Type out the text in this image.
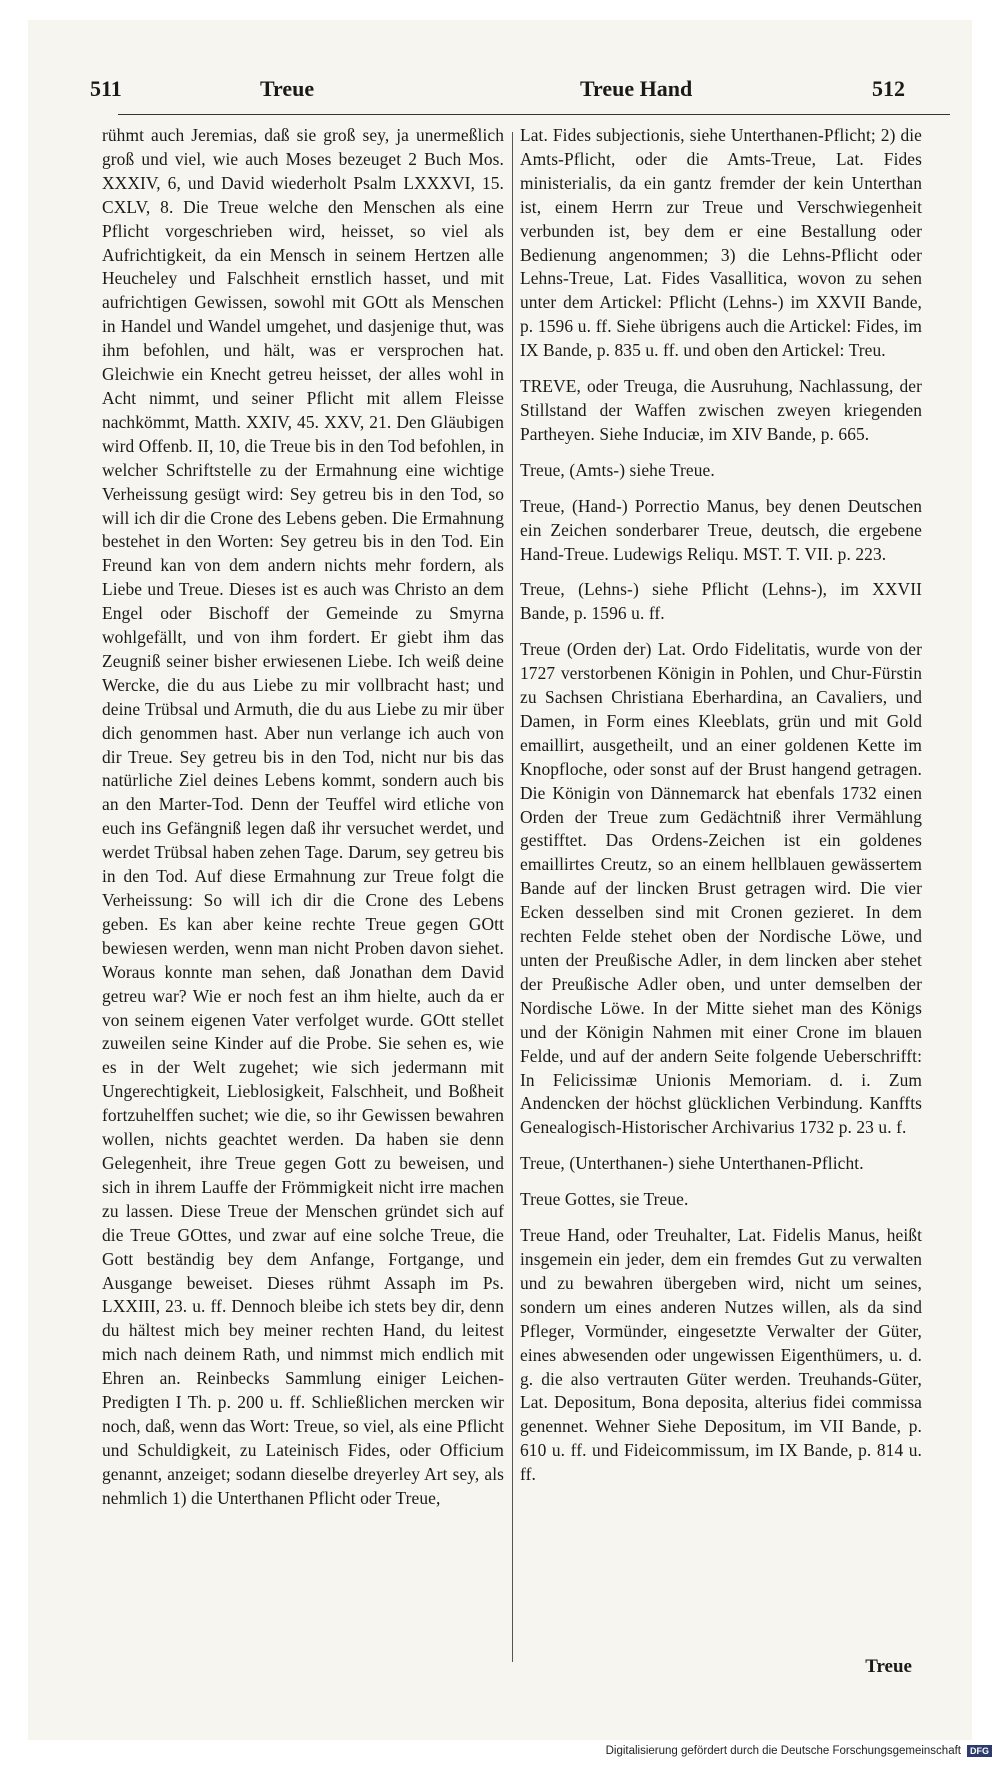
511	Treue	Treue Hand	512

rühmt auch Jeremias, daß sie groß sey, ja unermeßlich groß und viel, wie auch Moses bezeuget 2 Buch Mos. XXXIV, 6, und David wiederholt Psalm LXXXVI, 15. CXLV, 8. Die Treue welche den Menschen als eine Pflicht vorgeschrieben wird, heisset, so viel als Aufrichtigkeit, da ein Mensch in seinem Hertzen alle Heucheley und Falschheit ernstlich hasset, und mit aufrichtigen Gewissen, sowohl mit GOtt als Menschen in Handel und Wandel umgehet, und dasjenige thut, was ihm befohlen, und hält, was er versprochen hat. Gleichwie ein Knecht getreu heisset, der alles wohl in Acht nimmt, und seiner Pflicht mit allem Fleisse nachkömmt, Matth. XXIV, 45. XXV, 21. Den Gläubigen wird Offenb. II, 10, die Treue bis in den Tod befohlen, in welcher Schriftstelle zu der Ermahnung eine wichtige Verheissung gesügt wird: Sey getreu bis in den Tod, so will ich dir die Crone des Lebens geben. Die Ermahnung bestehet in den Worten: Sey getreu bis in den Tod. Ein Freund kan von dem andern nichts mehr fordern, als Liebe und Treue. Dieses ist es auch was Christo an dem Engel oder Bischoff der Gemeinde zu Smyrna wohlgefällt, und von ihm fordert. Er giebt ihm das Zeugniß seiner bisher erwiesenen Liebe. Ich weiß deine Wercke, die du aus Liebe zu mir vollbracht hast; und deine Trübsal und Armuth, die du aus Liebe zu mir über dich genommen hast. Aber nun verlange ich auch von dir Treue. Sey getreu bis in den Tod, nicht nur bis das natürliche Ziel deines Lebens kommt, sondern auch bis an den Marter-Tod. Denn der Teuffel wird etliche von euch ins Gefängniß legen daß ihr versuchet werdet, und werdet Trübsal haben zehen Tage. Darum, sey getreu bis in den Tod. Auf diese Ermahnung zur Treue folgt die Verheissung: So will ich dir die Crone des Lebens geben. Es kan aber keine rechte Treue gegen GOtt bewiesen werden, wenn man nicht Proben davon siehet. Woraus konnte man sehen, daß Jonathan dem David getreu war? Wie er noch fest an ihm hielte, auch da er von seinem eigenen Vater verfolget wurde. GOtt stellet zuweilen seine Kinder auf die Probe. Sie sehen es, wie es in der Welt zugehet; wie sich jedermann mit Ungerechtigkeit, Lieblosigkeit, Falschheit, und Boßheit fortzuhelffen suchet; wie die, so ihr Gewissen bewahren wollen, nichts geachtet werden. Da haben sie denn Gelegenheit, ihre Treue gegen Gott zu beweisen, und sich in ihrem Lauffe der Frömmigkeit nicht irre machen zu lassen. Diese Treue der Menschen gründet sich auf die Treue GOttes, und zwar auf eine solche Treue, die Gott beständig bey dem Anfange, Fortgange, und Ausgange beweiset. Dieses rühmt Assaph im Ps. LXXIII, 23. u. ff. Dennoch bleibe ich stets bey dir, denn du hältest mich bey meiner rechten Hand, du leitest mich nach deinem Rath, und nimmst mich endlich mit Ehren an. Reinbecks Sammlung einiger Leichen-Predigten I Th. p. 200 u. ff. Schließlichen mercken wir noch, daß, wenn das Wort: Treue, so viel, als eine Pflicht und Schuldigkeit, zu Lateinisch Fides, oder Officium genannt, anzeiget; sodann dieselbe dreyerley Art sey, als nehmlich 1) die Unterthanen Pflicht oder Treue,

Lat. Fides subjectionis, siehe Unterthanen-Pflicht; 2) die Amts-Pflicht, oder die Amts-Treue, Lat. Fides ministerialis, da ein gantz fremder der kein Unterthan ist, einem Herrn zur Treue und Verschwiegenheit verbunden ist, bey dem er eine Bestallung oder Bedienung angenommen; 3) die Lehns-Pflicht oder Lehns-Treue, Lat. Fides Vasallitica, wovon zu sehen unter dem Artickel: Pflicht (Lehns-) im XXVII Bande, p. 1596 u. ff. Siehe übrigens auch die Artickel: Fides, im IX Bande, p. 835 u. ff. und oben den Artickel: Treu.

TREVE, oder Treuga, die Ausruhung, Nachlassung, der Stillstand der Waffen zwischen zweyen kriegenden Partheyen. Siehe Induciæ, im XIV Bande, p. 665.

Treue, (Amts-) siehe Treue.

Treue, (Hand-) Porrectio Manus, bey denen Deutschen ein Zeichen sonderbarer Treue, deutsch, die ergebene Hand-Treue. Ludewigs Reliqu. MST. T. VII. p. 223.

Treue, (Lehns-) siehe Pflicht (Lehns-), im XXVII Bande, p. 1596 u. ff.

Treue (Orden der) Lat. Ordo Fidelitatis, wurde von der 1727 verstorbenen Königin in Pohlen, und Chur-Fürstin zu Sachsen Christiana Eberhardina, an Cavaliers, und Damen, in Form eines Kleeblats, grün und mit Gold emaillirt, ausgetheilt, und an einer goldenen Kette im Knopfloche, oder sonst auf der Brust hangend getragen. Die Königin von Dännemarck hat ebenfals 1732 einen Orden der Treue zum Gedächtniß ihrer Vermählung gestifftet. Das Ordens-Zeichen ist ein goldenes emaillirtes Creutz, so an einem hellblauen gewässertem Bande auf der lincken Brust getragen wird. Die vier Ecken desselben sind mit Cronen gezieret. In dem rechten Felde stehet oben der Nordische Löwe, und unten der Preußische Adler, in dem lincken aber stehet der Preußische Adler oben, und unter demselben der Nordische Löwe. In der Mitte siehet man des Königs und der Königin Nahmen mit einer Crone im blauen Felde, und auf der andern Seite folgende Ueberschrifft: In Felicissimæ Unionis Memoriam. d. i. Zum Andencken der höchst glücklichen Verbindung. Kanffts Genealogisch-Historischer Archivarius 1732 p. 23 u. f.

Treue, (Unterthanen-) siehe Unterthanen-Pflicht.

Treue Gottes, sie Treue.

Treue Hand, oder Treuhalter, Lat. Fidelis Manus, heißt insgemein ein jeder, dem ein fremdes Gut zu verwalten und zu bewahren übergeben wird, nicht um seines, sondern um eines anderen Nutzes willen, als da sind Pfleger, Vormünder, eingesetzte Verwalter der Güter, eines abwesenden oder ungewissen Eigenthümers, u. d. g. die also vertrauten Güter werden. Treuhands-Güter, Lat. Depositum, Bona deposita, alterius fidei commissa genennet. Wehner Siehe Depositum, im VII Bande, p. 610 u. ff. und Fideicommissum, im IX Bande, p. 814 u. ff.

Treue
Digitalisierung gefördert durch die Deutsche Forschungsgemeinschaft	DFG
